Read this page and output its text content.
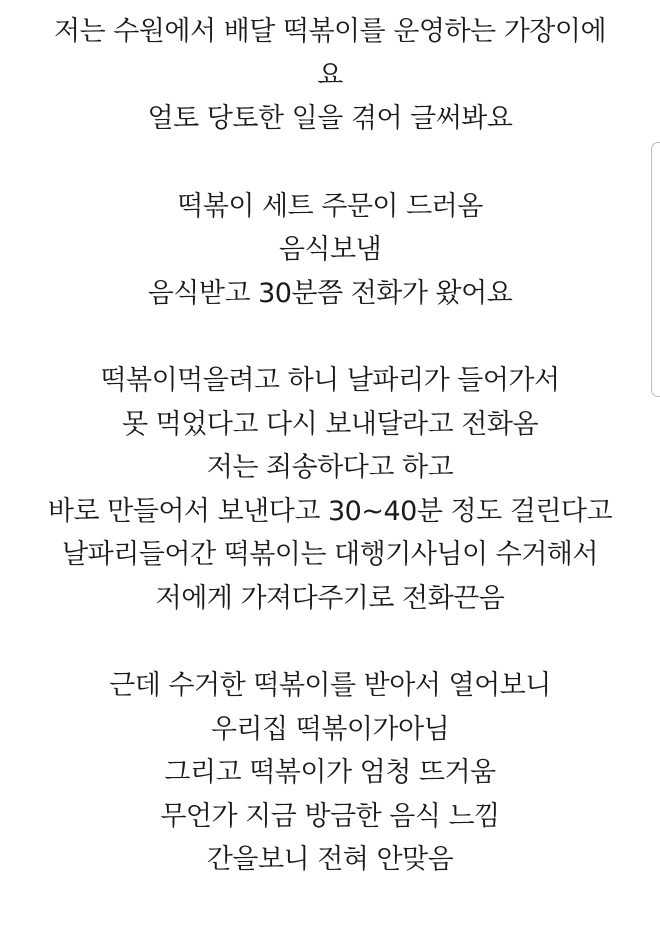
저는 수원에서 배달 떡볶이를 운영하는 가장이에
요
얼토 당토한 일을 겪어 글써봐요
떡볶이 세트 주문이 드러옴
음식보냄
음식받고 30분쯤 전화가 왔어요
떡볶이먹을려고 하니 날파리가 들어가서
못 먹었다고 다시 보내달라고 전화옴
저는 죄송하다고 하고
바로 만들어서 보낸다고 30~40분 정도 걸린다고
날파리들어간 떡볶이는 대행기사님이 수거해서
저에게 가져다주기로 전화끈음
근데 수거한 떡볶이를 받아서 열어보니
우리집 떡볶이가아님
그리고 떡볶이가 엄청 뜨거움
무언가 지금 방금한 음식 느낌
간을보니 전혀 안맞음
